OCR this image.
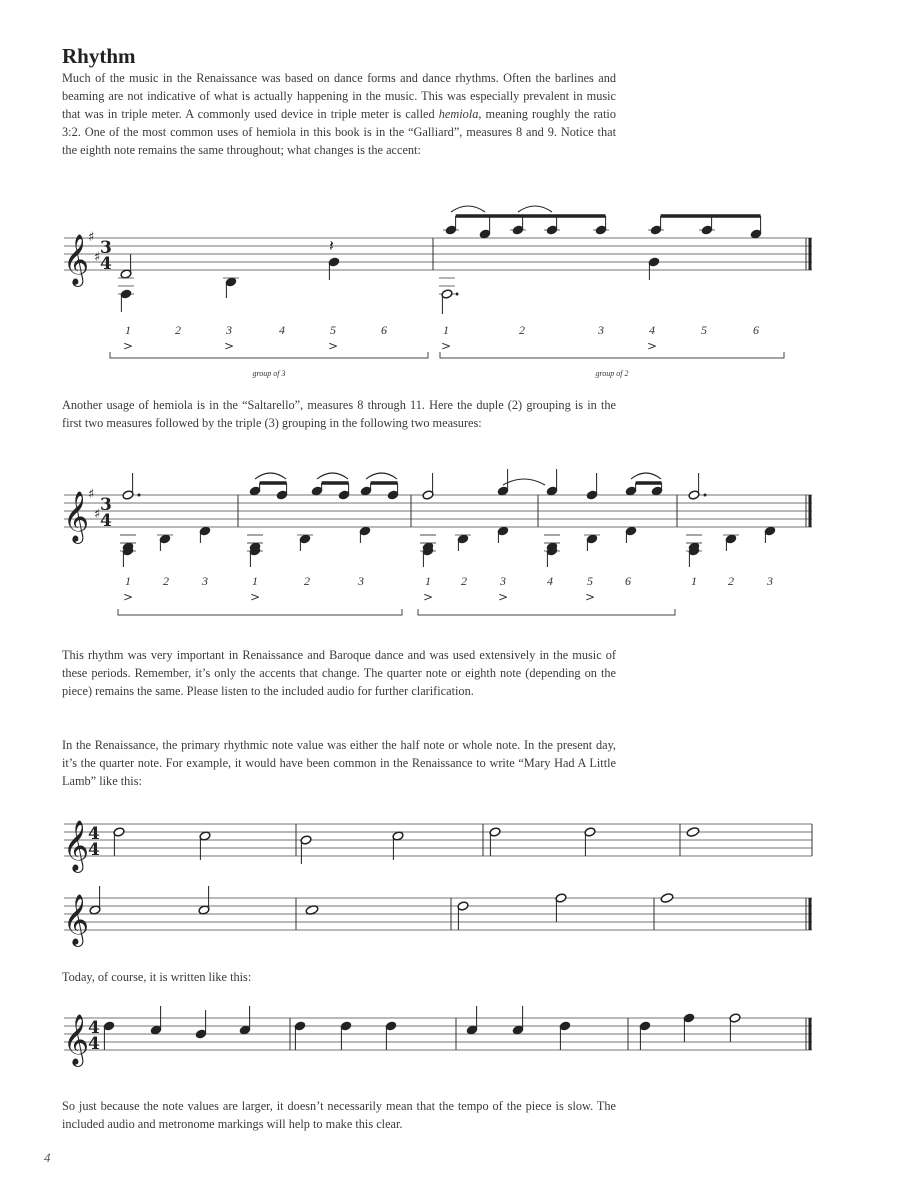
Rhythm

Much of the music in the Renaissance was based on dance forms and dance rhythms. Often the barlines and beaming are not indicative of what is actually happening in the music. This was especially prevalent in music that was in triple meter. A commonly used device in triple meter is called hemiola, meaning roughly the ratio 3:2. One of the most common uses of hemiola in this book is in the “Galliard”, measures 8 and 9. Notice that the eighth note remains the same throughout; what changes is the accent:

𝄞
♯
♯ 3
4
𝄽
1	2	3	4	5	6
>	>	>
1	2	3	4	5	6
>	>
group of 3	group of 2

Another usage of hemiola is in the “Saltarello”, measures 8 through 11. Here the duple (2) grouping is in the first two measures followed by the triple (3) grouping in the following two measures:

𝄞
♯
♯ 3
4
1	2	3	1	2	3
>	>
1	2	3	4	5	6
>	>	>
1	2	3

This rhythm was very important in Renaissance and Baroque dance and was used extensively in the music of these periods. Remember, it’s only the accents that change. The quarter note or eighth note (depending on the piece) remains the same. Please listen to the included audio for further clarification.

In the Renaissance, the primary rhythmic note value was either the half note or whole note. In the present day, it’s the quarter note. For example, it would have been common in the Renaissance to write “Mary Had A Little Lamb” like this:

𝄞
4
4
𝄞

Today, of course, it is written like this:

𝄞
4
4

So just because the note values are larger, it doesn’t necessarily mean that the tempo of the piece is slow. The included audio and metronome markings will help to make this clear.

4
